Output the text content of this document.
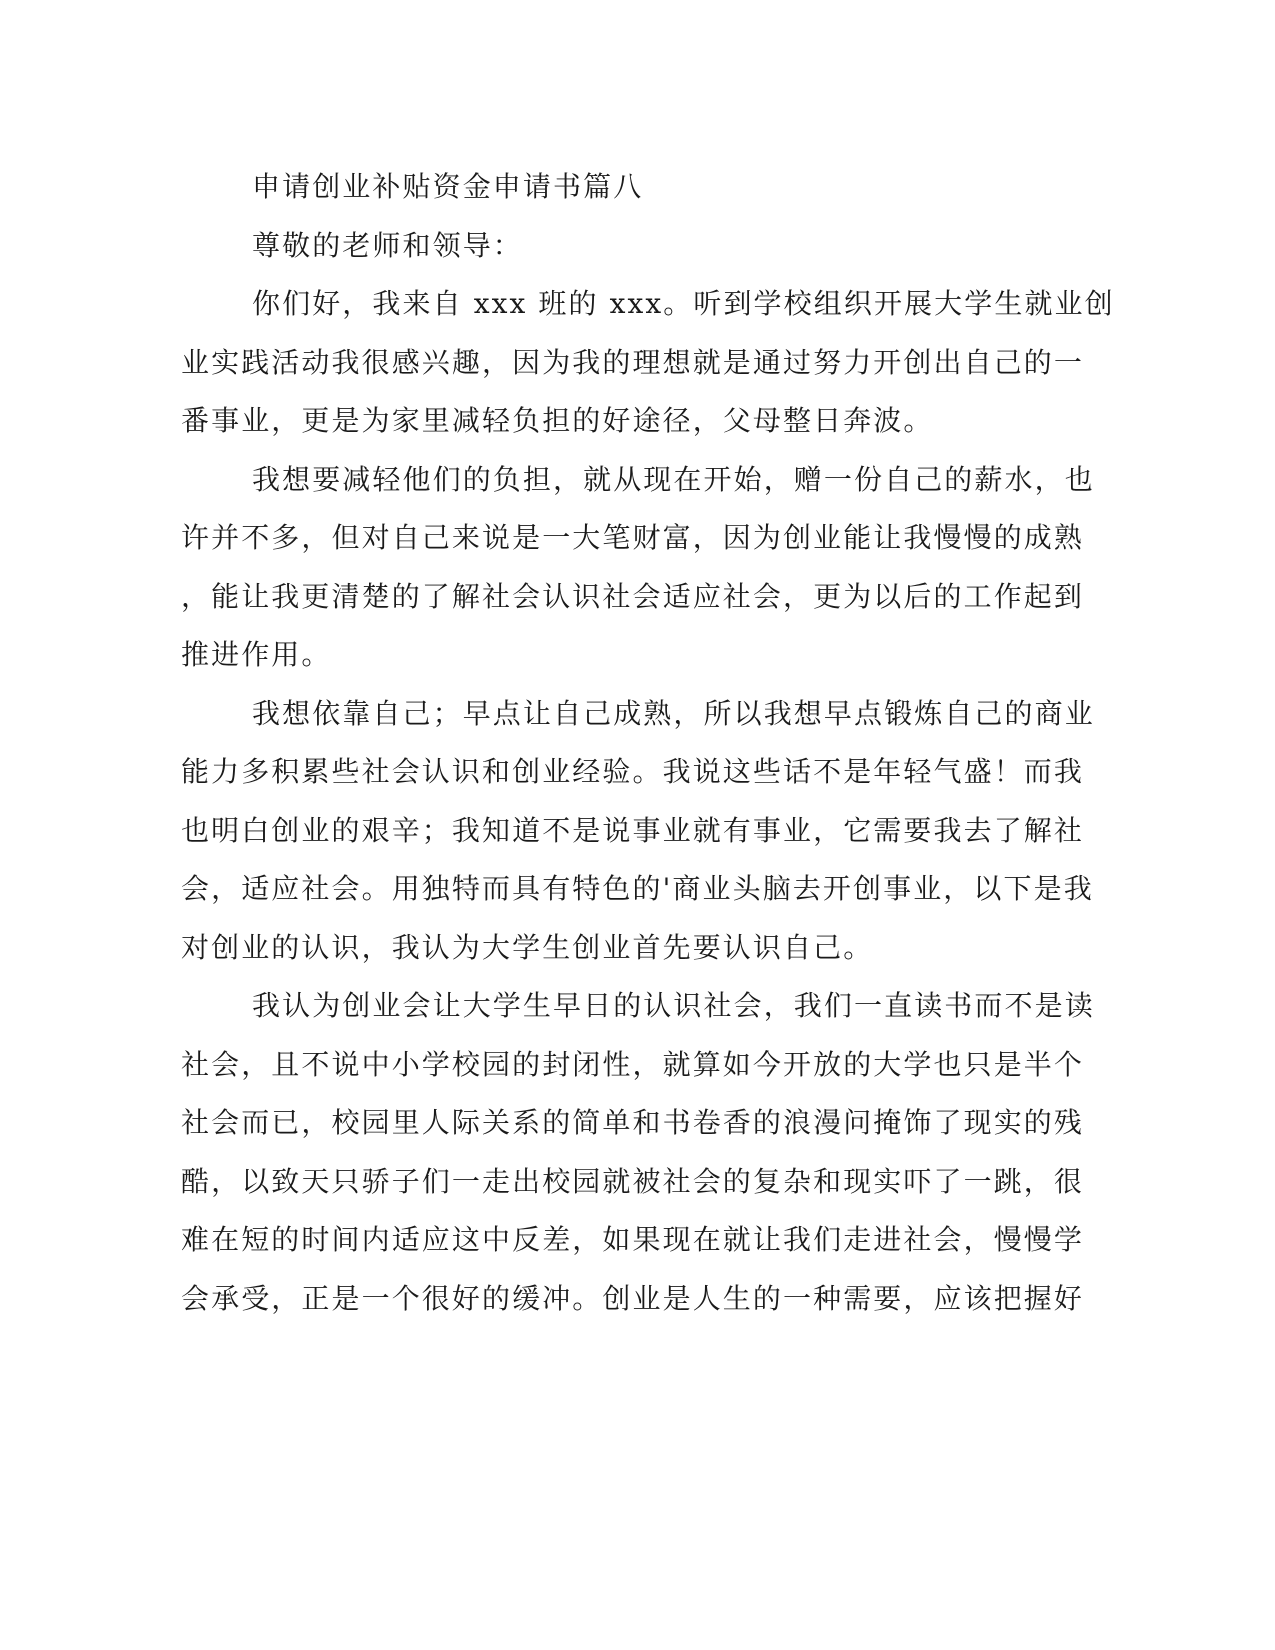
申请创业补贴资金申请书篇八

尊敬的老师和领导：

你们好，我来自 xxx 班的 xxx。听到学校组织开展大学生就业创
业实践活动我很感兴趣，因为我的理想就是通过努力开创出自己的一
番事业，更是为家里减轻负担的好途径，父母整日奔波。

我想要减轻他们的负担，就从现在开始，赠一份自己的薪水，也
许并不多，但对自己来说是一大笔财富，因为创业能让我慢慢的成熟
，能让我更清楚的了解社会认识社会适应社会，更为以后的工作起到
推进作用。

我想依靠自己；早点让自己成熟，所以我想早点锻炼自己的商业
能力多积累些社会认识和创业经验。我说这些话不是年轻气盛！而我
也明白创业的艰辛；我知道不是说事业就有事业，它需要我去了解社
会，适应社会。用独特而具有特色的'商业头脑去开创事业，以下是我
对创业的认识，我认为大学生创业首先要认识自己。

我认为创业会让大学生早日的认识社会，我们一直读书而不是读
社会，且不说中小学校园的封闭性，就算如今开放的大学也只是半个
社会而已，校园里人际关系的简单和书卷香的浪漫问掩饰了现实的残
酷，以致天只骄子们一走出校园就被社会的复杂和现实吓了一跳，很
难在短的时间内适应这中反差，如果现在就让我们走进社会，慢慢学
会承受，正是一个很好的缓冲。创业是人生的一种需要，应该把握好
